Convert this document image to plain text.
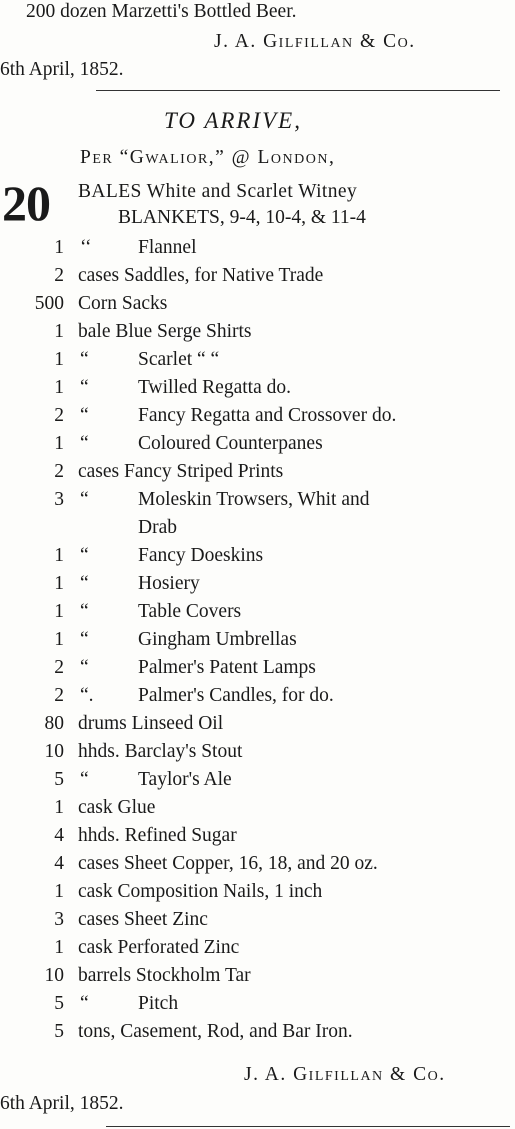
200 dozen Marzetti's Bottled Beer.
J. A. Gilfillan & Co.
6th April, 1852.
TO ARRIVE,
Per “Gwalior,” @ London,
20 BALES White and Scarlet Witney
BLANKETS, 9-4, 10-4, & 11-4
1 ‘‘ Flannel
2 cases Saddles, for Native Trade
500 Corn Sacks
1 bale Blue Serge Shirts
1 “	Scarlet “ “
1 “	Twilled Regatta do.
2 “	Fancy Regatta and Crossover do.
1 “	Coloured Counterpanes
2 cases Fancy Striped Prints
3 “	Moleskin Trowsers, Whit and
Drab
1 “	Fancy Doeskins
1 “	Hosiery
1 “	Table Covers
1 “	Gingham Umbrellas
2 “	Palmer's Patent Lamps
2 “. Palmer's Candles, for do.
80 drums Linseed Oil
10 hhds. Barclay's Stout
5 “	Taylor's Ale
1 cask Glue
4 hhds. Refined Sugar
4 cases Sheet Copper, 16, 18, and 20 oz.
1 cask Composition Nails, 1 inch
3 cases Sheet Zinc
1 cask Perforated Zinc
10 barrels Stockholm Tar
5 “	Pitch
5 tons, Casement, Rod, and Bar Iron.
J. A. Gilfillan & Co.
6th April, 1852.
